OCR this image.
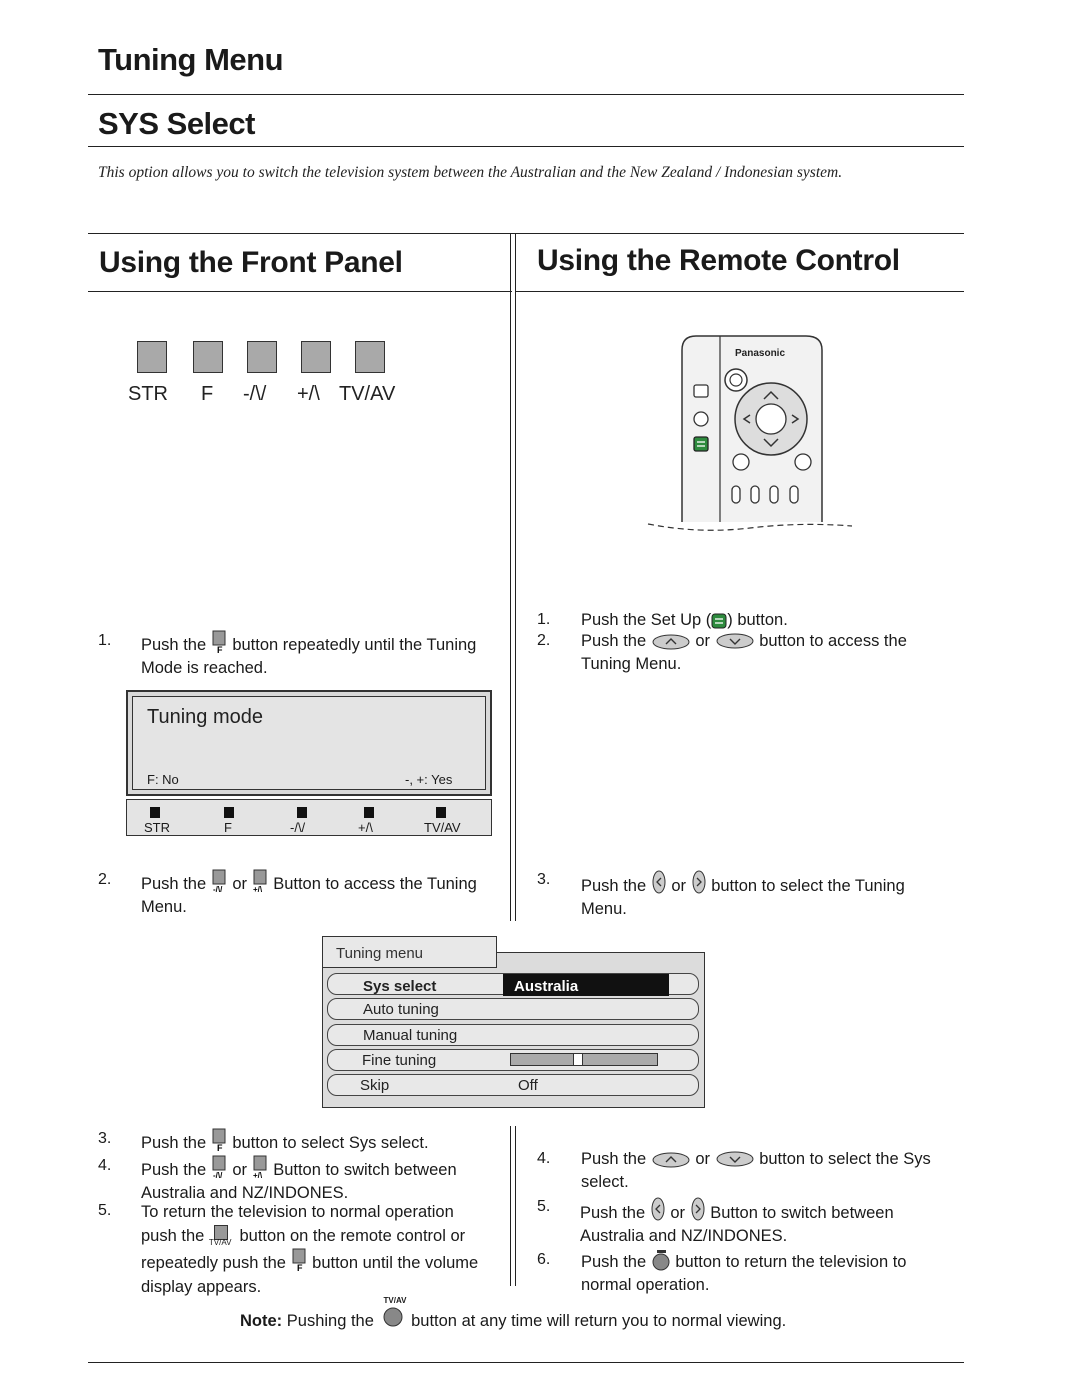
Tuning Menu
SYS Select
This option allows you to switch the television system between the Australian and the New Zealand / Indonesian system.
Using the Front Panel	Using the Remote Control
STR F -/\/ +/\ TV/AV
Panasonic
1. Push the F button repeatedly until the Tuning
Mode is reached.
Tuning mode
F: No	-, +: Yes
STR	F	-/\/	+/\	TV/AV
2. Push the -/\/ or +/\ Button to access the Tuning
Menu.
1. Push the Set Up ( ) button.
2. Push the	or	button to access the
Tuning Menu.
3. Push the or button to select the Tuning
Menu.
Sys select	Australia
Auto tuning
Manual tuning
Fine tuning
Skip	Off
Tuning menu
3. Push the F button to select Sys select.
4. Push the -/\/ or +/\ Button to switch between
Australia and NZ/INDONES.
5. To return the television to normal operation
push the TV/AV button on the remote control or
repeatedly push the F button until the volume
display appears.
4. Push the	or	button to select the Sys
select.
5. Push the or Button to switch between
Australia and NZ/INDONES.
6. Push the button to return the television to
normal operation.
Note: Pushing the
TV/AV
button at any time will return you to normal viewing.
